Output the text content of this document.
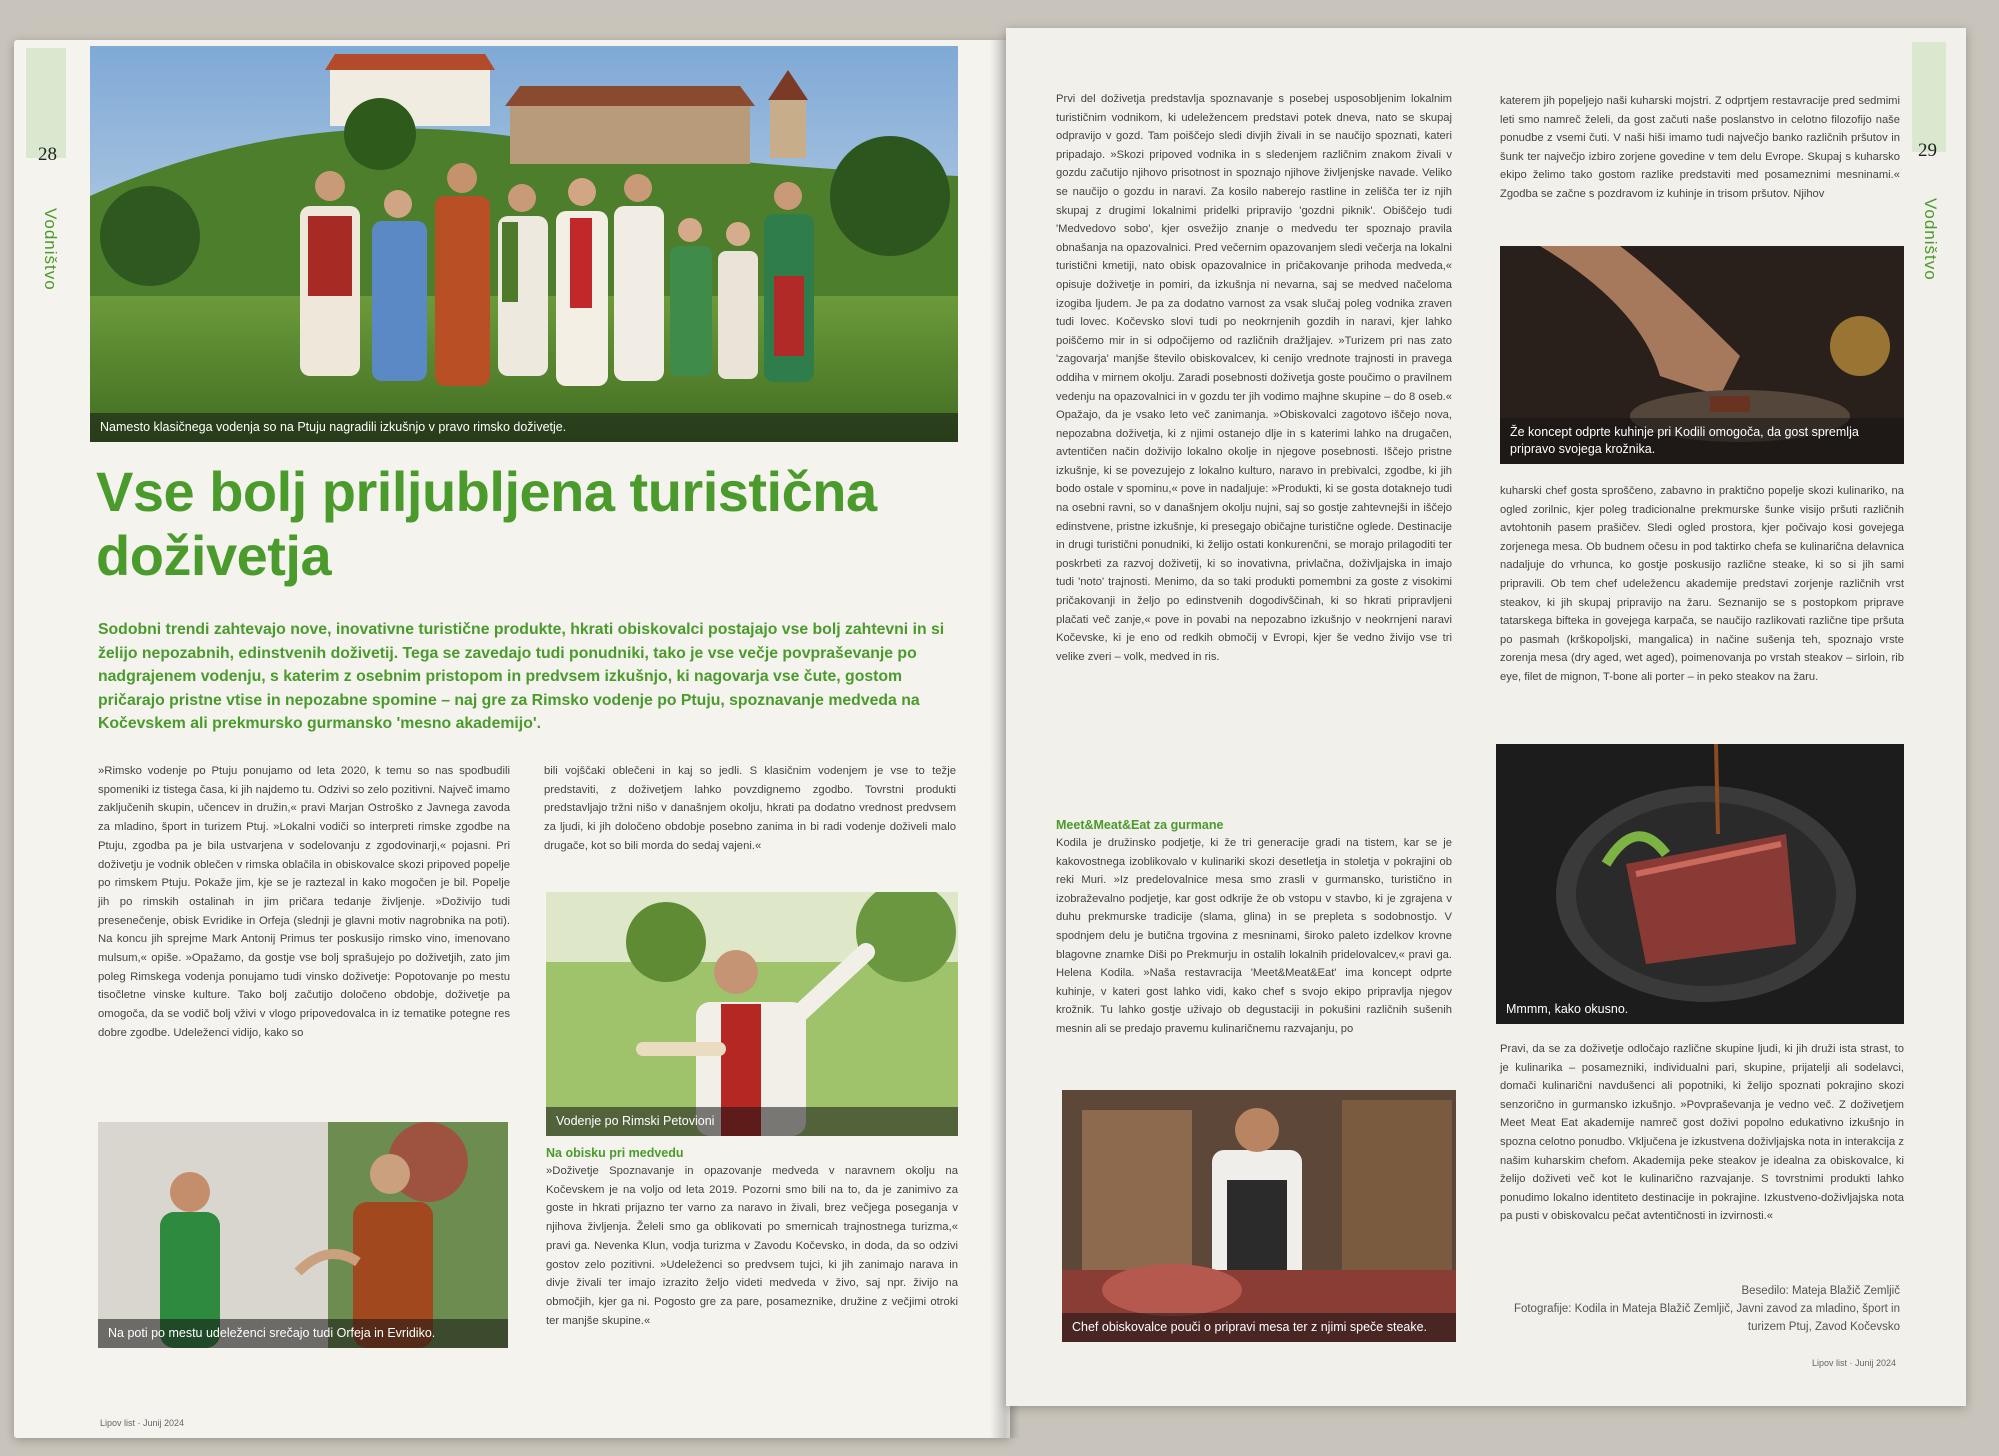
28
Vodništvo
Namesto klasičnega vodenja so na Ptuju nagradili izkušnjo v pravo rimsko doživetje.
Vse bolj priljubljena turistična
doživetja

Sodobni trendi zahtevajo nove, inovativne turistične produkte, hkrati obiskovalci postajajo vse bolj zahtevni in si želijo nepozabnih, edinstvenih doživetij. Tega se zavedajo tudi ponudniki, tako je vse večje povpraševanje po nadgrajenem vodenju, s katerim z osebnim pristopom in predvsem izkušnjo, ki nagovarja vse čute, gostom pričarajo pristne vtise in nepozabne spomine – naj gre za Rimsko vodenje po Ptuju, spoznavanje medveda na Kočevskem ali prekmursko gurmansko 'mesno akademijo'.

»Rimsko vodenje po Ptuju ponujamo od leta 2020, k temu so nas spodbudili spomeniki iz tistega časa, ki jih najdemo tu. Odzivi so zelo pozitivni. Največ imamo zaključenih skupin, učencev in družin,« pravi Marjan Ostroško z Javnega zavoda za mladino, šport in turizem Ptuj. »Lokalni vodiči so interpreti rimske zgodbe na Ptuju, zgodba pa je bila ustvarjena v sodelovanju z zgodovinarji,« pojasni. Pri doživetju je vodnik oblečen v rimska oblačila in obiskovalce skozi pripoved popelje po rimskem Ptuju. Pokaže jim, kje se je raztezal in kako mogočen je bil. Popelje jih po rimskih ostalinah in jim pričara tedanje življenje. »Doživijo tudi presenečenje, obisk Evridike in Orfeja (slednji je glavni motiv nagrobnika na poti). Na koncu jih sprejme Mark Antonij Primus ter poskusijo rimsko vino, imenovano mulsum,« opiše. »Opažamo, da gostje vse bolj sprašujejo po doživetjih, zato jim poleg Rimskega vodenja ponujamo tudi vinsko doživetje: Popotovanje po mestu tisočletne vinske kulture. Tako bolj začutijo določeno obdobje, doživetje pa omogoča, da se vodič bolj vživi v vlogo pripovedovalca in iz tematike potegne res dobre zgodbe. Udeleženci vidijo, kako so

bili vojščaki oblečeni in kaj so jedli. S klasičnim vodenjem je vse to težje predstaviti, z doživetjem lahko povzdignemo zgodbo. Tovrstni produkti predstavljajo tržni nišo v današnjem okolju, hkrati pa dodatno vrednost predvsem za ljudi, ki jih določeno obdobje posebno zanima in bi radi vodenje doživeli malo drugače, kot so bili morda do sedaj vajeni.«

Vodenje po Rimski Petovioni
Na poti po mestu udeleženci srečajo tudi Orfeja in Evridiko.

Na obisku pri medvedu

»Doživetje Spoznavanje in opazovanje medveda v naravnem okolju na Kočevskem je na voljo od leta 2019. Pozorni smo bili na to, da je zanimivo za goste in hkrati prijazno ter varno za naravo in živali, brez večjega poseganja v njihova življenja. Želeli smo ga oblikovati po smernicah trajnostnega turizma,« pravi ga. Nevenka Klun, vodja turizma v Zavodu Kočevsko, in doda, da so odzivi gostov zelo pozitivni. »Udeleženci so predvsem tujci, ki jih zanimajo narava in divje živali ter imajo izrazito željo videti medveda v živo, saj npr. živijo na območjih, kjer ga ni. Pogosto gre za pare, posameznike, družine z večjimi otroki ter manjše skupine.«

Lipov list · Junij 2024
29
Vodništvo

Prvi del doživetja predstavlja spoznavanje s posebej usposobljenim lokalnim turističnim vodnikom, ki udeležencem predstavi potek dneva, nato se skupaj odpravijo v gozd. Tam poiščejo sledi divjih živali in se naučijo spoznati, kateri pripadajo. »Skozi pripoved vodnika in s sledenjem različnim znakom živali v gozdu začutijo njihovo prisotnost in spoznajo njihove življenjske navade. Veliko se naučijo o gozdu in naravi. Za kosilo naberejo rastline in zelišča ter iz njih skupaj z drugimi lokalnimi pridelki pripravijo 'gozdni piknik'. Obiščejo tudi 'Medvedovo sobo', kjer osvežijo znanje o medvedu ter spoznajo pravila obnašanja na opazovalnici. Pred večernim opazovanjem sledi večerja na lokalni turistični kmetiji, nato obisk opazovalnice in pričakovanje prihoda medveda,« opisuje doživetje in pomiri, da izkušnja ni nevarna, saj se medved načeloma izogiba ljudem. Je pa za dodatno varnost za vsak slučaj poleg vodnika zraven tudi lovec. Kočevsko slovi tudi po neokrnjenih gozdih in naravi, kjer lahko poiščemo mir in si odpočijemo od različnih dražljajev. »Turizem pri nas zato 'zagovarja' manjše število obiskovalcev, ki cenijo vrednote trajnosti in pravega oddiha v mirnem okolju. Zaradi posebnosti doživetja goste poučimo o pravilnem vedenju na opazovalnici in v gozdu ter jih vodimo majhne skupine – do 8 oseb.« Opažajo, da je vsako leto več zanimanja. »Obiskovalci zagotovo iščejo nova, nepozabna doživetja, ki z njimi ostanejo dlje in s katerimi lahko na drugačen, avtentičen način doživijo lokalno okolje in njegove posebnosti. Iščejo pristne izkušnje, ki se povezujejo z lokalno kulturo, naravo in prebivalci, zgodbe, ki jih bodo ostale v spominu,« pove in nadaljuje: »Produkti, ki se gosta dotaknejo tudi na osebni ravni, so v današnjem okolju nujni, saj so gostje zahtevnejši in iščejo edinstvene, pristne izkušnje, ki presegajo običajne turistične oglede. Destinacije in drugi turistični ponudniki, ki želijo ostati konkurenčni, se morajo prilagoditi ter poskrbeti za razvoj doživetij, ki so inovativna, privlačna, doživljajska in imajo tudi 'noto' trajnosti. Menimo, da so taki produkti pomembni za goste z visokimi pričakovanji in željo po edinstvenih dogodivščinah, ki so hkrati pripravljeni plačati več zanje,« pove in povabi na nepozabno izkušnjo v neokrnjeni naravi Kočevske, ki je eno od redkih območij v Evropi, kjer še vedno živijo vse tri velike zveri – volk, medved in ris.

Meet&Meat&Eat za gurmane

Kodila je družinsko podjetje, ki že tri generacije gradi na tistem, kar se je kakovostnega izoblikovalo v kulinariki skozi desetletja in stoletja v pokrajini ob reki Muri. »Iz predelovalnice mesa smo zrasli v gurmansko, turistično in izobraževalno podjetje, kar gost odkrije že ob vstopu v stavbo, ki je zgrajena v duhu prekmurske tradicije (slama, glina) in se prepleta s sodobnostjo. V spodnjem delu je butična trgovina z mesninami, široko paleto izdelkov krovne blagovne znamke Diši po Prekmurju in ostalih lokalnih pridelovalcev,« pravi ga. Helena Kodila. »Naša restavracija 'Meet&Meat&Eat' ima koncept odprte kuhinje, v kateri gost lahko vidi, kako chef s svojo ekipo pripravlja njegov krožnik. Tu lahko gostje uživajo ob degustaciji in pokušini različnih sušenih mesnin ali se predajo pravemu kulinaričnemu razvajanju, po

Chef obiskovalce pouči o pripravi mesa ter z njimi speče steake.

katerem jih popeljejo naši kuharski mojstri. Z odprtjem restavracije pred sedmimi leti smo namreč želeli, da gost začuti naše poslanstvo in celotno filozofijo naše ponudbe z vsemi čuti. V naši hiši imamo tudi največjo banko različnih pršutov in šunk ter največjo izbiro zorjene govedine v tem delu Evrope. Skupaj s kuharsko ekipo želimo tako gostom razlike predstaviti med posameznimi mesninami.« Zgodba se začne s pozdravom iz kuhinje in trisom pršutov. Njihov

Že koncept odprte kuhinje pri Kodili omogoča, da gost spremlja pripravo svojega krožnika.

kuharski chef gosta sproščeno, zabavno in praktično popelje skozi kulinariko, na ogled zorilnic, kjer poleg tradicionalne prekmurske šunke visijo pršuti različnih avtohtonih pasem prašičev. Sledi ogled prostora, kjer počivajo kosi govejega zorjenega mesa. Ob budnem očesu in pod taktirko chefa se kulinarična delavnica nadaljuje do vrhunca, ko gostje poskusijo različne steake, ki so si jih sami pripravili. Ob tem chef udeležencu akademije predstavi zorjenje različnih vrst steakov, ki jih skupaj pripravijo na žaru. Seznanijo se s postopkom priprave tatarskega bifteka in govejega karpača, se naučijo razlikovati različne tipe pršuta po pasmah (krškopoljski, mangalica) in načine sušenja teh, spoznajo vrste zorenja mesa (dry aged, wet aged), poimenovanja po vrstah steakov – sirloin, rib eye, filet de mignon, T-bone ali porter – in peko steakov na žaru.

Mmmm, kako okusno.

Pravi, da se za doživetje odločajo različne skupine ljudi, ki jih druži ista strast, to je kulinarika – posamezniki, individualni pari, skupine, prijatelji ali sodelavci, domači kulinarični navdušenci ali popotniki, ki želijo spoznati pokrajino skozi senzorično in gurmansko izkušnjo. »Povpraševanja je vedno več. Z doživetjem Meet Meat Eat akademije namreč gost doživi popolno edukativno izkušnjo in spozna celotno ponudbo. Vključena je izkustvena doživljajska nota in interakcija z našim kuharskim chefom. Akademija peke steakov je idealna za obiskovalce, ki želijo doživeti več kot le kulinarično razvajanje. S tovrstnimi produkti lahko ponudimo lokalno identiteto destinacije in pokrajine. Izkustveno-doživljajska nota pa pusti v obiskovalcu pečat avtentičnosti in izvirnosti.«

Besedilo: Mateja Blažič Zemljič
Fotografije: Kodila in Mateja Blažič Zemljič, Javni zavod za mladino, šport in turizem Ptuj, Zavod Kočevsko
Lipov list · Junij 2024
